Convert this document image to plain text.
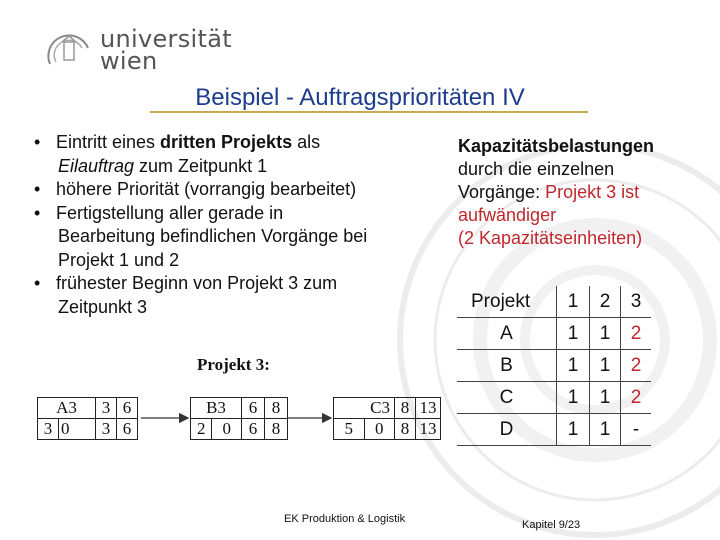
universität
wien
Beispiel - Auftragsprioritäten IV
• Eintritt eines dritten Projekts als
Eilauftrag zum Zeitpunkt 1
• höhere Priorität (vorrangig bearbeitet)
• Fertigstellung aller gerade in
Bearbeitung befindlichen Vorgänge bei
Projekt 1 und 2
• frühester Beginn von Projekt 3 zum
Zeitpunkt 3
Kapazitätsbelastungen
durch die einzelnen
Vorgänge: Projekt 3 ist
aufwändiger
(2 Kapazitätseinheiten)
Projekt 3:
A3		3	6
3	0	3	6
B3		6	8
2	0	6	8
C3		8	13
5	0	8	13
Projekt	1	2	3
A	1	1	2
B	1	1	2
C	1	1	2
D	1	1	-
EK Produktion & Logistik	Kapitel 9/23
